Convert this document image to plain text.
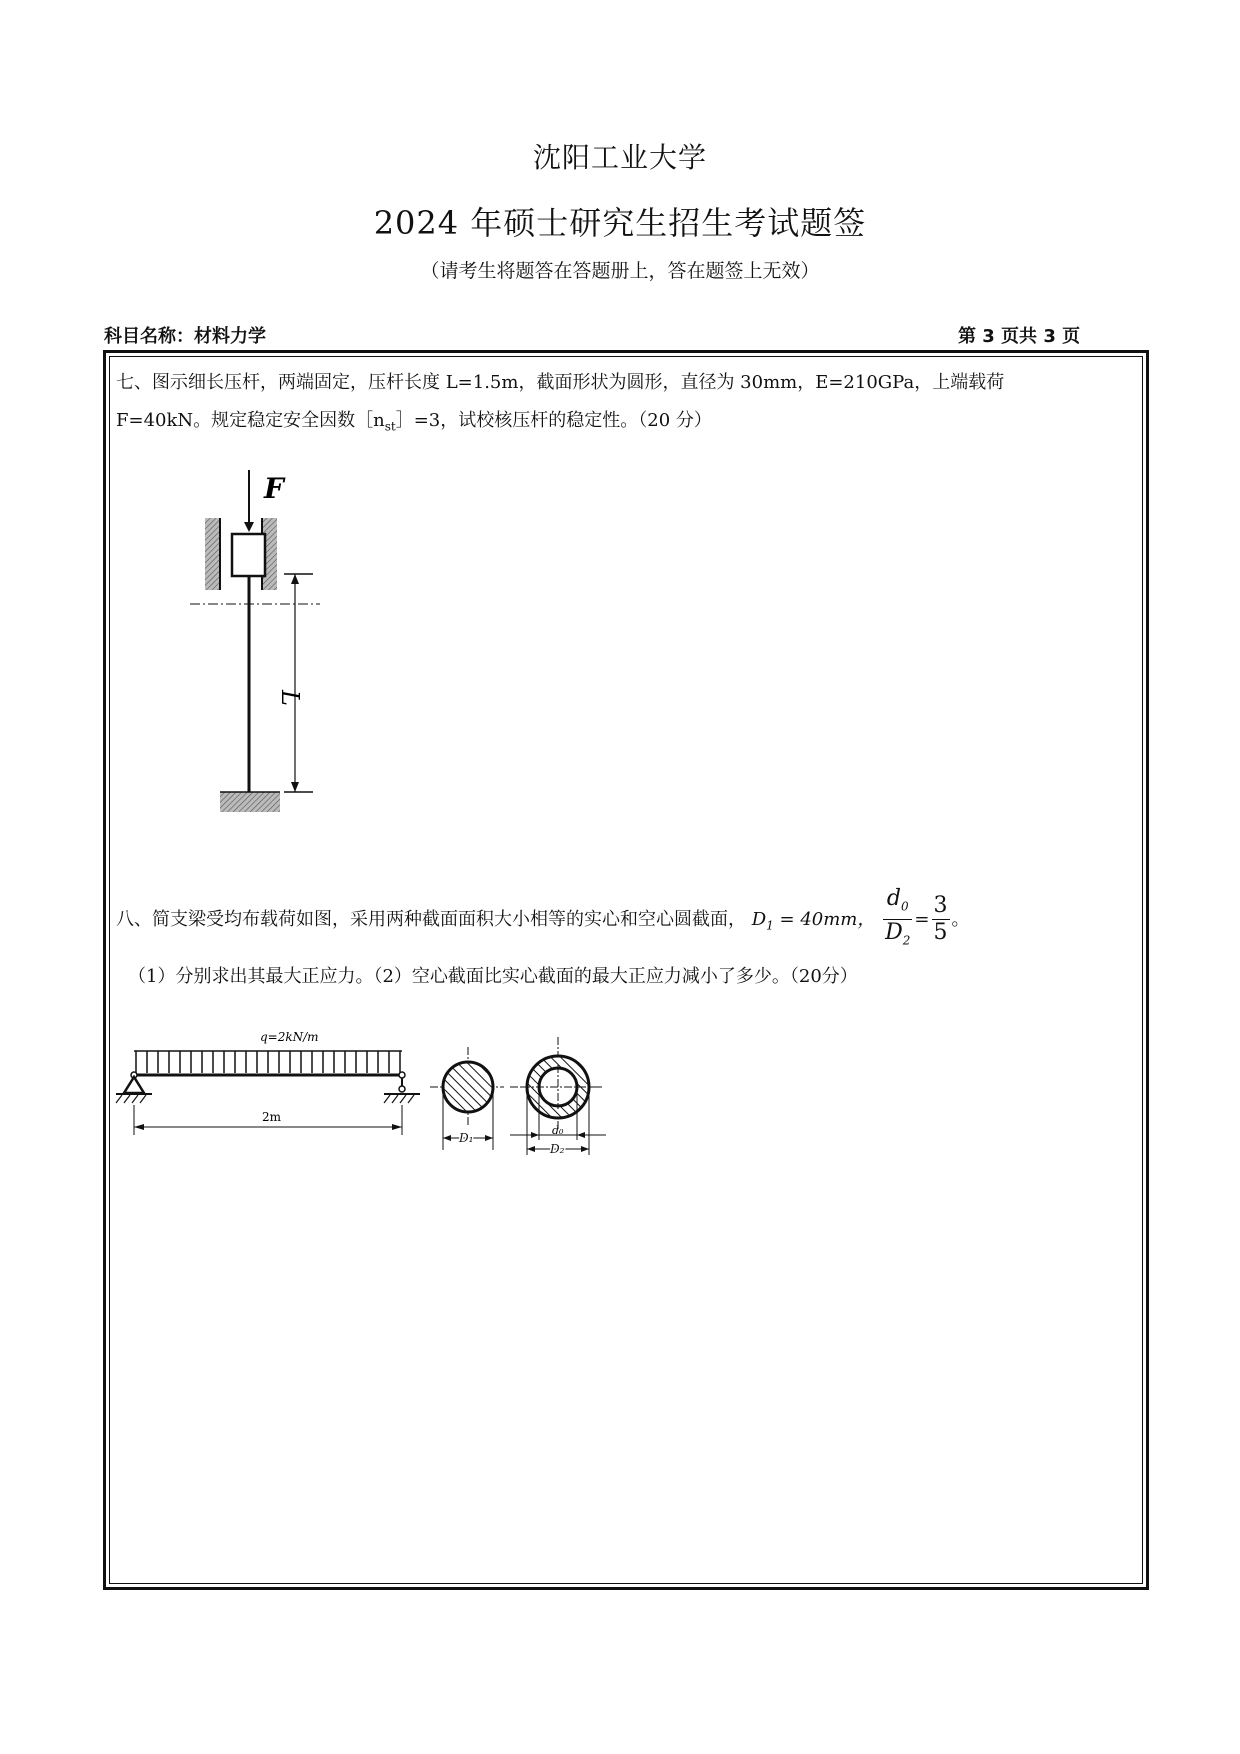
沈阳工业大学
2024 年硕士研究生招生考试题签
（请考生将题答在答题册上，答在题签上无效）
科目名称：材料力学	第 3 页共 3 页
七、图示细长压杆，两端固定，压杆长度 L=1.5m，截面形状为圆形，直径为 30mm，E=210GPa，上端载荷
F=40kN。规定稳定安全因数$[n_{st}]=3$，试校核压杆的稳定性。（20 分）
F
L
八、简支梁受均布载荷如图，采用两种截面面积大小相等的实心和空心圆截面， $D_1 = 40mm$， $\frac{d_0}{D_2} = \frac{3}{5}$ 。
（1）分别求出其最大正应力。（2）空心截面比实心截面的最大正应力减小了多少。（20分）
q=2kN/m
2m
D₁
d₀
D₂
